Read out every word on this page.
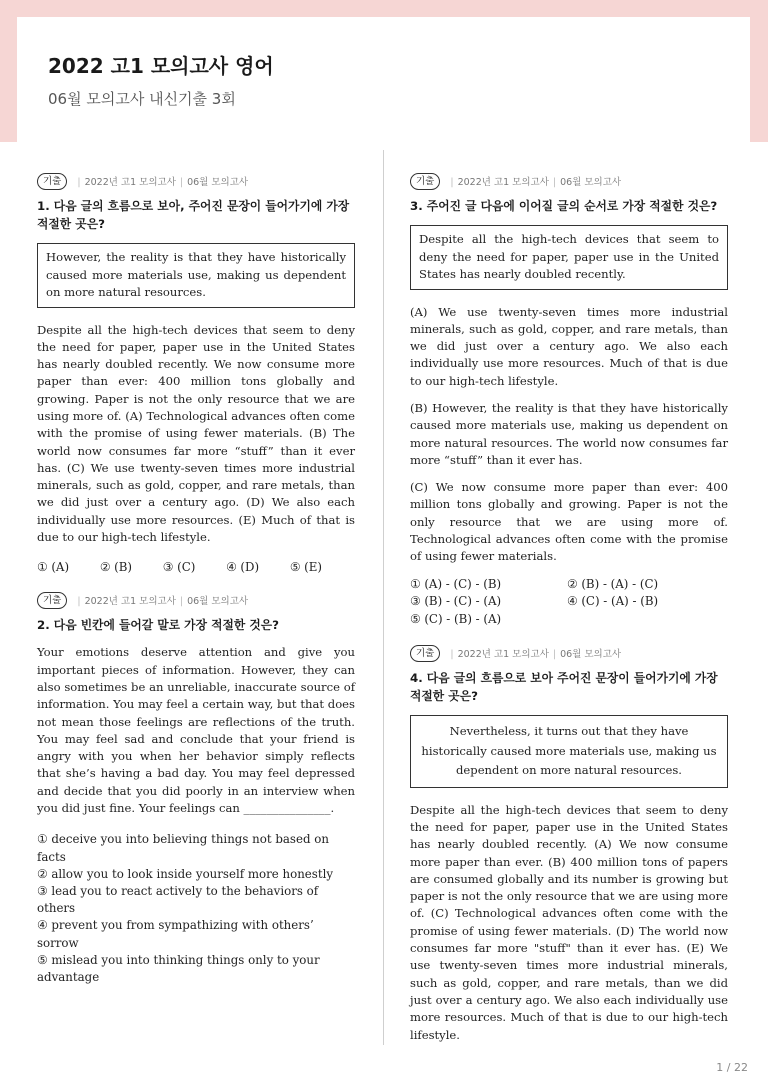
2022 고1 모의고사 영어
06월 모의고사 내신기출 3회
기출	| 2022년 고1 모의고사 | 06월 모의고사
1. 다음 글의 흐름으로 보아, 주어진 문장이 들어가기에 가장 적절한 곳은?
However, the reality is that they have historically caused more materials use, making us dependent on more natural resources.

Despite all the high-tech devices that seem to deny the need for paper, paper use in the United States has nearly doubled recently. We now consume more paper than ever: 400 million tons globally and growing. Paper is not the only resource that we are using more of. (A) Technological advances often come with the promise of using fewer materials. (B) The world now consumes far more “stuff” than it ever has. (C) We use twenty-seven times more industrial minerals, such as gold, copper, and rare metals, than we did just over a century ago. (D) We also each individually use more resources. (E) Much of that is due to our high-tech lifestyle.

① (A)	② (B)	③ (C)	④ (D)	⑤ (E)
기출	| 2022년 고1 모의고사 | 06월 모의고사
2. 다음 빈칸에 들어갈 말로 가장 적절한 것은?

Your emotions deserve attention and give you important pieces of information. However, they can also sometimes be an unreliable, inaccurate source of information. You may feel a certain way, but that does not mean those feelings are reflections of the truth. You may feel sad and conclude that your friend is angry with you when her behavior simply reflects that she’s having a bad day. You may feel depressed and decide that you did poorly in an interview when you did just fine. Your feelings can _______________.

① deceive you into believing things not based on facts
② allow you to look inside yourself more honestly
③ lead you to react actively to the behaviors of others
④ prevent you from sympathizing with others’ sorrow
⑤ mislead you into thinking things only to your advantage
기출	| 2022년 고1 모의고사 | 06월 모의고사
3. 주어진 글 다음에 이어질 글의 순서로 가장 적절한 것은?
Despite all the high-tech devices that seem to deny the need for paper, paper use in the United States has nearly doubled recently.

(A) We use twenty-seven times more industrial minerals, such as gold, copper, and rare metals, than we did just over a century ago. We also each individually use more resources. Much of that is due to our high-tech lifestyle.

(B) However, the reality is that they have historically caused more materials use, making us dependent on more natural resources. The world now consumes far more “stuff” than it ever has.

(C) We now consume more paper than ever: 400 million tons globally and growing. Paper is not the only resource that we are using more of. Technological advances often come with the promise of using fewer materials.

① (A) - (C) - (B)	② (B) - (A) - (C)
③ (B) - (C) - (A)	④ (C) - (A) - (B)
⑤ (C) - (B) - (A)
기출	| 2022년 고1 모의고사 | 06월 모의고사
4. 다음 글의 흐름으로 보아 주어진 문장이 들어가기에 가장 적절한 곳은?
Nevertheless, it turns out that they have historically caused more materials use, making us dependent on more natural resources.

Despite all the high-tech devices that seem to deny the need for paper, paper use in the United States has nearly doubled recently. (A) We now consume more paper than ever. (B) 400 million tons of papers are consumed globally and its number is growing but paper is not the only resource that we are using more of. (C) Technological advances often come with the promise of using fewer materials. (D) The world now consumes far more "stuff" than it ever has. (E) We use twenty-seven times more industrial minerals, such as gold, copper, and rare metals, than we did just over a century ago. We also each individually use more resources. Much of that is due to our high-tech lifestyle.

1 / 22
